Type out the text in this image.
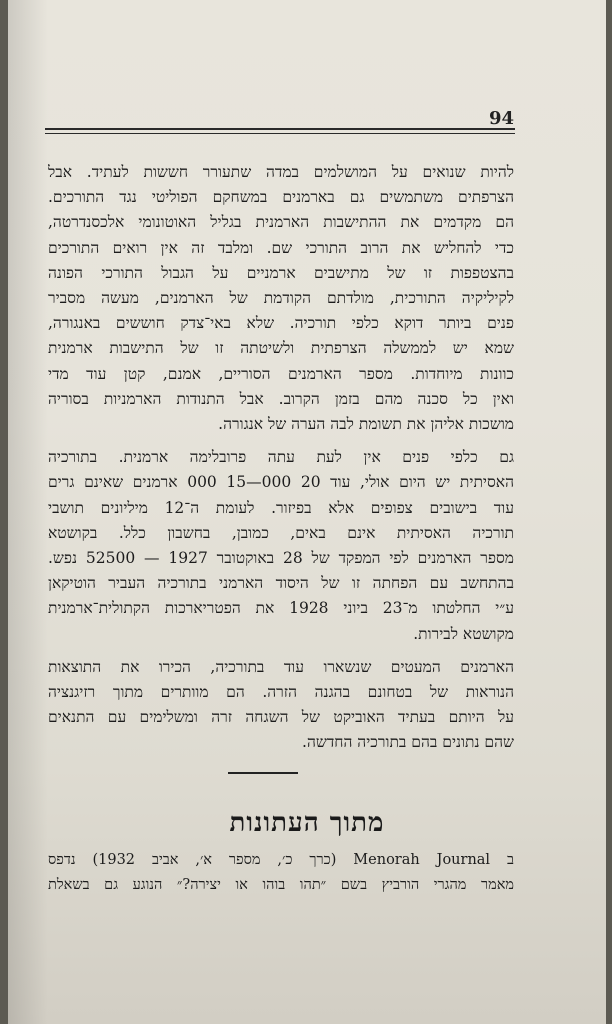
94
להיות שנואים על המושלמים במדה שתעורר חששות לעתיד. אבל
הצרפתים משתמשים גם בארמנים במשחקם הפוליטי נגד התורכים.
הם מקדמים את ההתישבות הארמנית בגליל האוטונומי אלכסנדרטה,
כדי להחליש את הרוב התורכי שם. ומלבד זה אין רואים התורכים
בהצטפפות זו של מתישבים ארמניים על הגבול התורכי הפונה
לקיליקיה התורכית, מולדתם הקודמת של הארמנים, מעשה מסביר
פנים ביותר דוקא כלפי תורכיה. שלא באי־צדק חוששים באנגורה,
שמא יש לממשלה הצרפתית ולשיטתה זו של התישבות ארמנית
כוונות מיוחדות. מספר הארמנים הסוריים, אמנם, קטן עוד מדי
ואין כל סכנה מהם בזמן הקרוב. אבל התנודות הארמניות בסוריה
מושכות אליהן את תשומת לבה הערה של אנגורה.
גם כלפי פנים אין לעת עתה פרובלימה ארמנית. בתורכיה
האסיתית יש היום אולי, עוד 20 000—15 000 ארמנים שאינם גרים
עוד בישובים צפופים אלא בפיזור. לעומת ה־12 מיליונים תושבי
תורכיה האסיתית אינם באים, כמובן, בחשבון כלל. בקושטא
מספר הארמנים לפי המפקד של 28 באוקטובר 1927 — 52500 נפש.
בהתחשב עם הפחתה זו של היסוד הארמני בתורכיה העביר הוטיקאן
ע״י החלטתו מ־23 ביוני 1928 את הפטריארכות הקתולית־ארמנית
מקושטא לבירות.
הארמנים המעטים שנשארו עוד בתורכיה, הכירו את התוצאות
הנוראות של בטחונם בהגנה הזרה. הם מוותרים מתוך רזיגנציה
על היותם בעתיד האוביקט של השגחה זרה ומשלימים עם התנאים
שהם נתונים בהם בתורכיה החדשה.
מתוך העתונות
ב Menorah Journal (כרך כ׳, מספר א׳, אביב 1932) נדפס
מאמר מהגרי הורביץ בשם ״תהו בוהו או יצירה?״ הנוגע גם בשאלת
